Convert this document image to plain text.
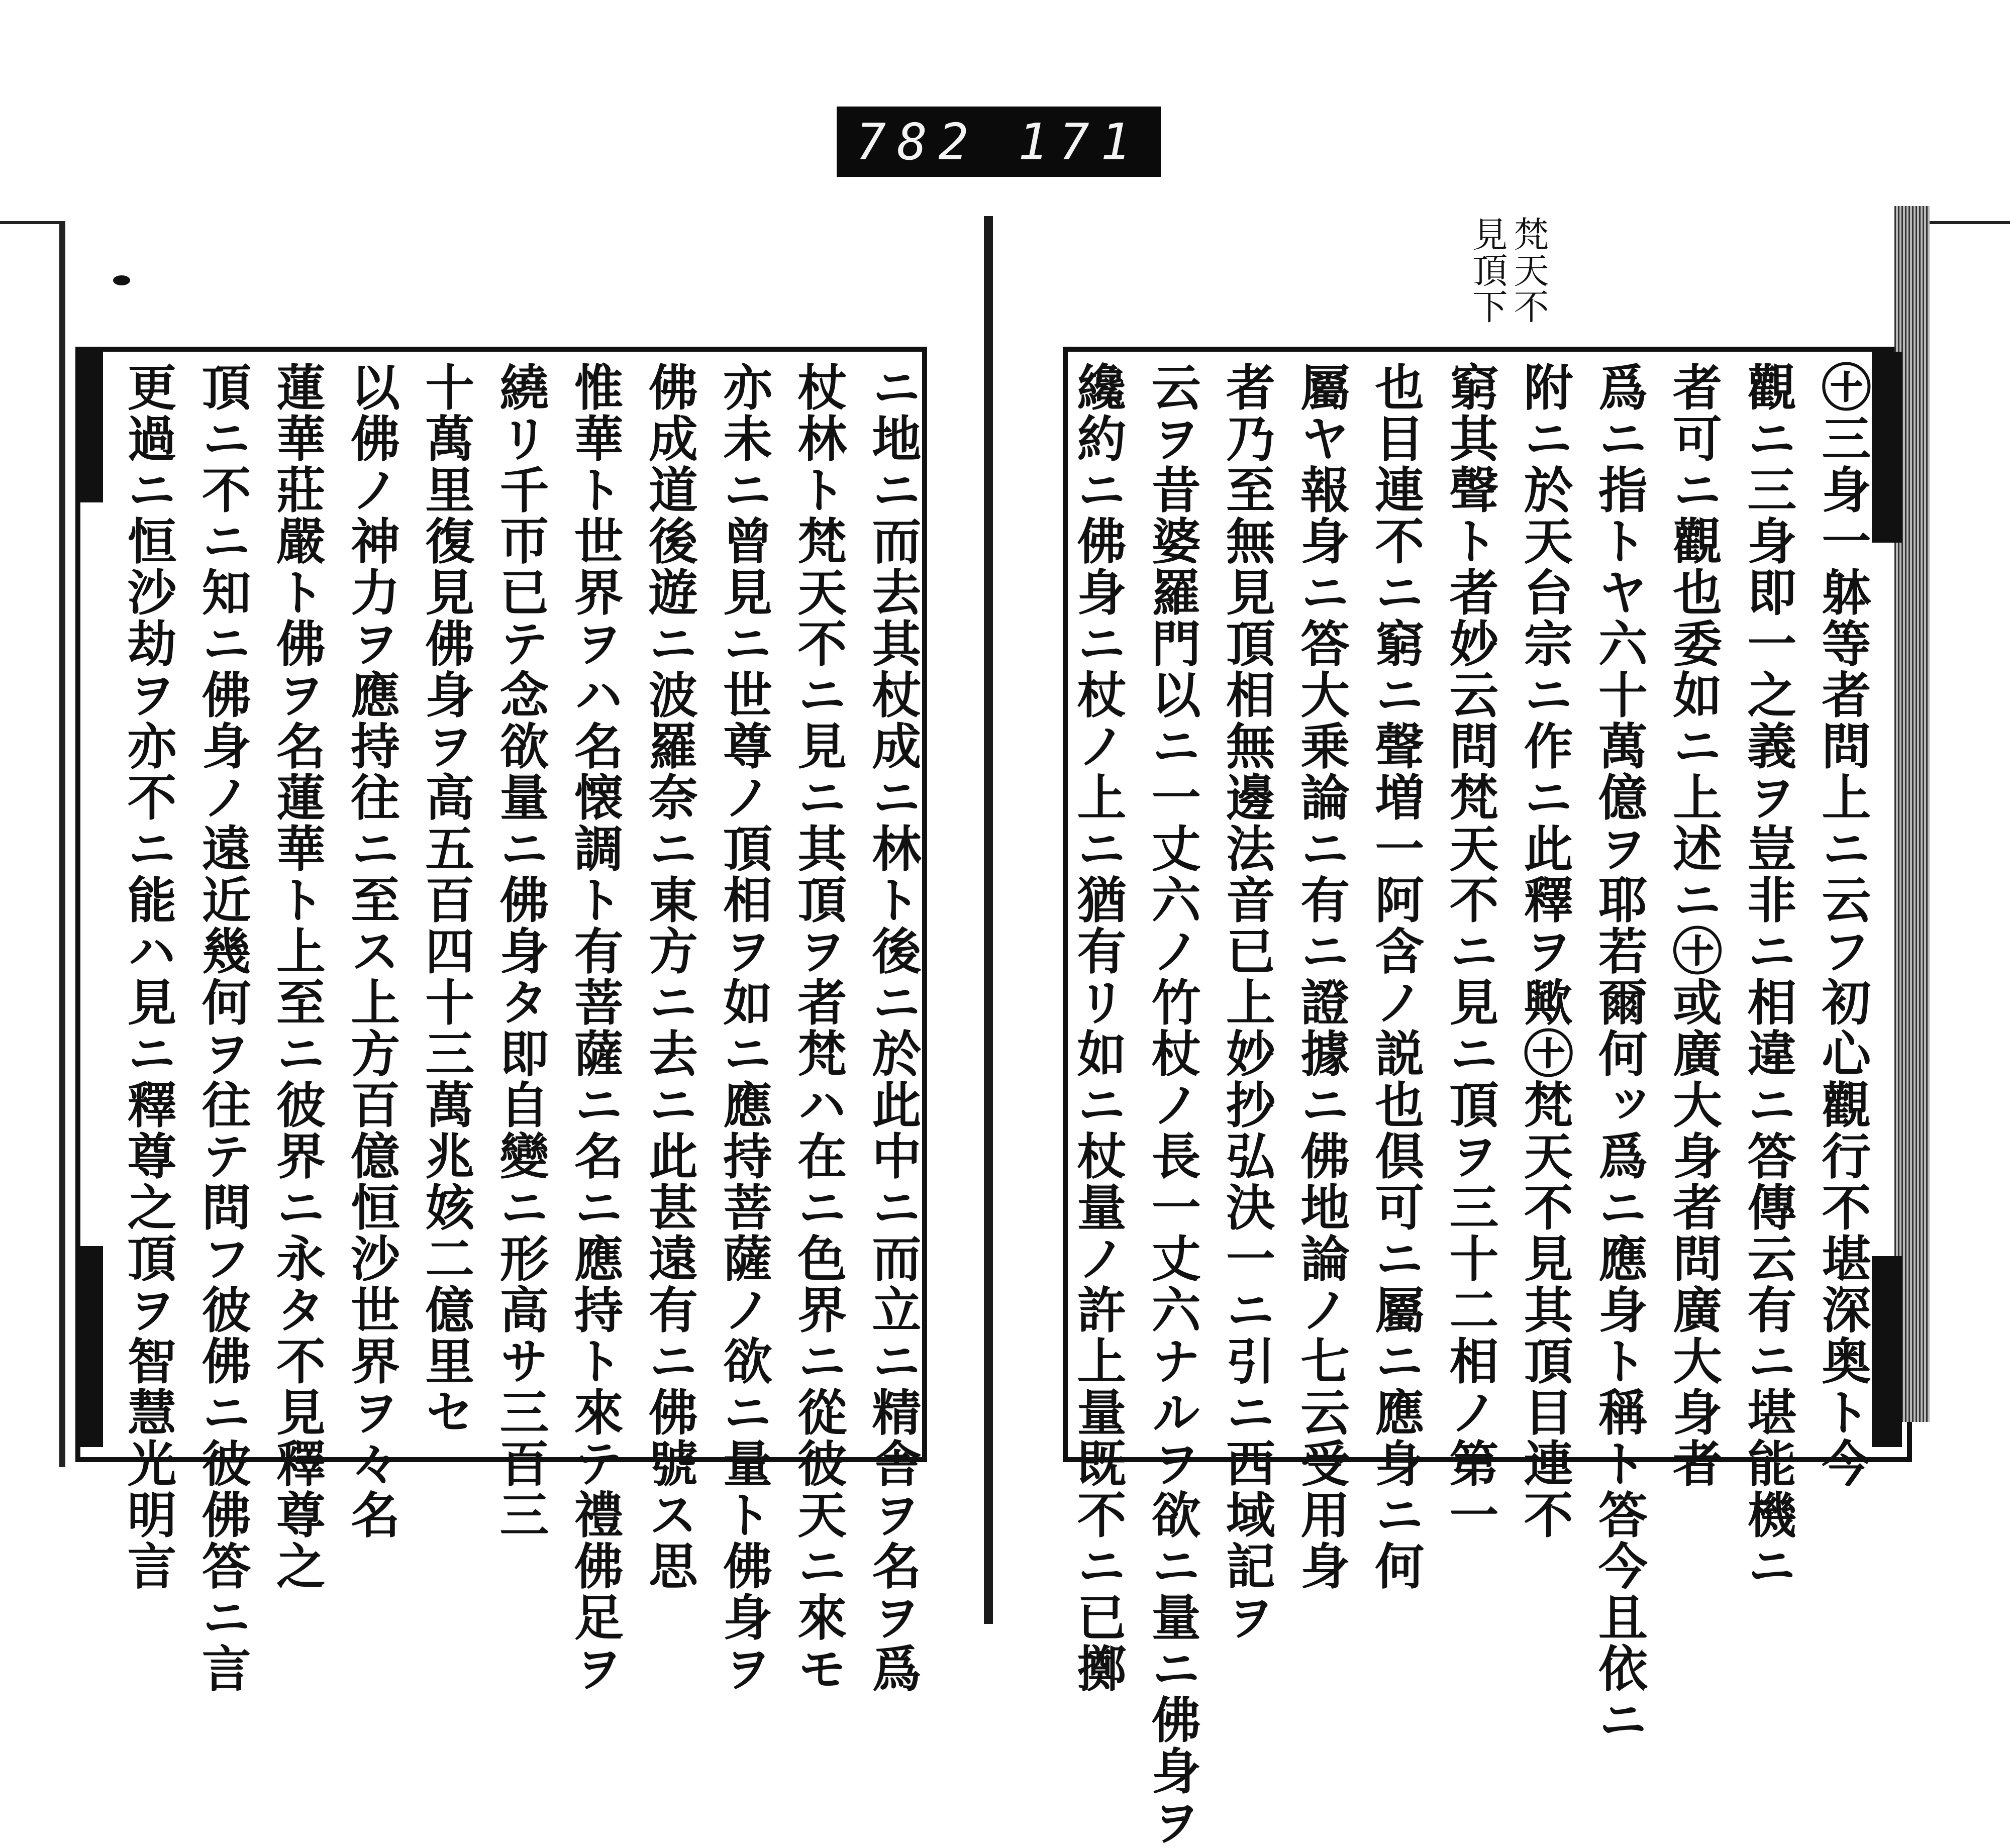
782 171
梵天不
見頂下
㊉三身一躰等者問上ニ云フ初心觀行不堪深奥ト今
觀ニ三身即一之義ヲ豈非ニ相違ニ答傳云有ニ堪能機ニ
者可ニ觀也委如ニ上述ニ㊉或廣大身者問廣大身者
爲ニ指トヤ六十萬億ヲ耶若爾何ッ爲ニ應身ト稱ト答今且依ニ
附ニ於天台宗ニ作ニ此釋ヲ歟㊉梵天不見其頂目連不
窮其聲ト者妙云問梵天不ニ見ニ頂ヲ三十二相ノ第一
也目連不ニ窮ニ聲増一阿含ノ説也倶可ニ屬ニ應身ニ何
屬ヤ報身ニ答大乗論ニ有ニ證據ニ佛地論ノ七云受用身
者乃至無見頂相無邊法音已上妙抄弘決一ニ引ニ西域記ヲ
云ヲ昔婆羅門以ニ一丈六ノ竹杖ノ長一丈六ナルヲ欲ニ量ニ佛身ヲ
纔約ニ佛身ニ杖ノ上ニ猶有リ如ニ杖量ノ許上量既不ニ已擲
ニ地ニ而去其杖成ニ林ト後ニ於此中ニ而立ニ精舎ヲ名ヲ爲
杖林ト梵天不ニ見ニ其頂ヲ者梵ハ在ニ色界ニ從彼天ニ來モ
亦未ニ曾見ニ世尊ノ頂相ヲ如ニ應持菩薩ノ欲ニ量ト佛身ヲ
佛成道後遊ニ波羅奈ニ東方ニ去ニ此甚遠有ニ佛號ス思
惟華ト世界ヲハ名懐調ト有菩薩ニ名ニ應持ト來テ禮佛足ヲ
繞リ千帀已テ念欲量ニ佛身タ即自變ニ形高サ三百三
十萬里復見佛身ヲ高五百四十三萬兆姟二億里セ
以佛ノ神力ヲ應持往ニ至ス上方百億恒沙世界ヲ々名
蓮華莊嚴ト佛ヲ名蓮華ト上至ニ彼界ニ永タ不見釋尊之
頂ニ不ニ知ニ佛身ノ遠近幾何ヲ往テ問フ彼佛ニ彼佛答ニ言
更過ニ恒沙劫ヲ亦不ニ能ハ見ニ釋尊之頂ヲ智慧光明言
